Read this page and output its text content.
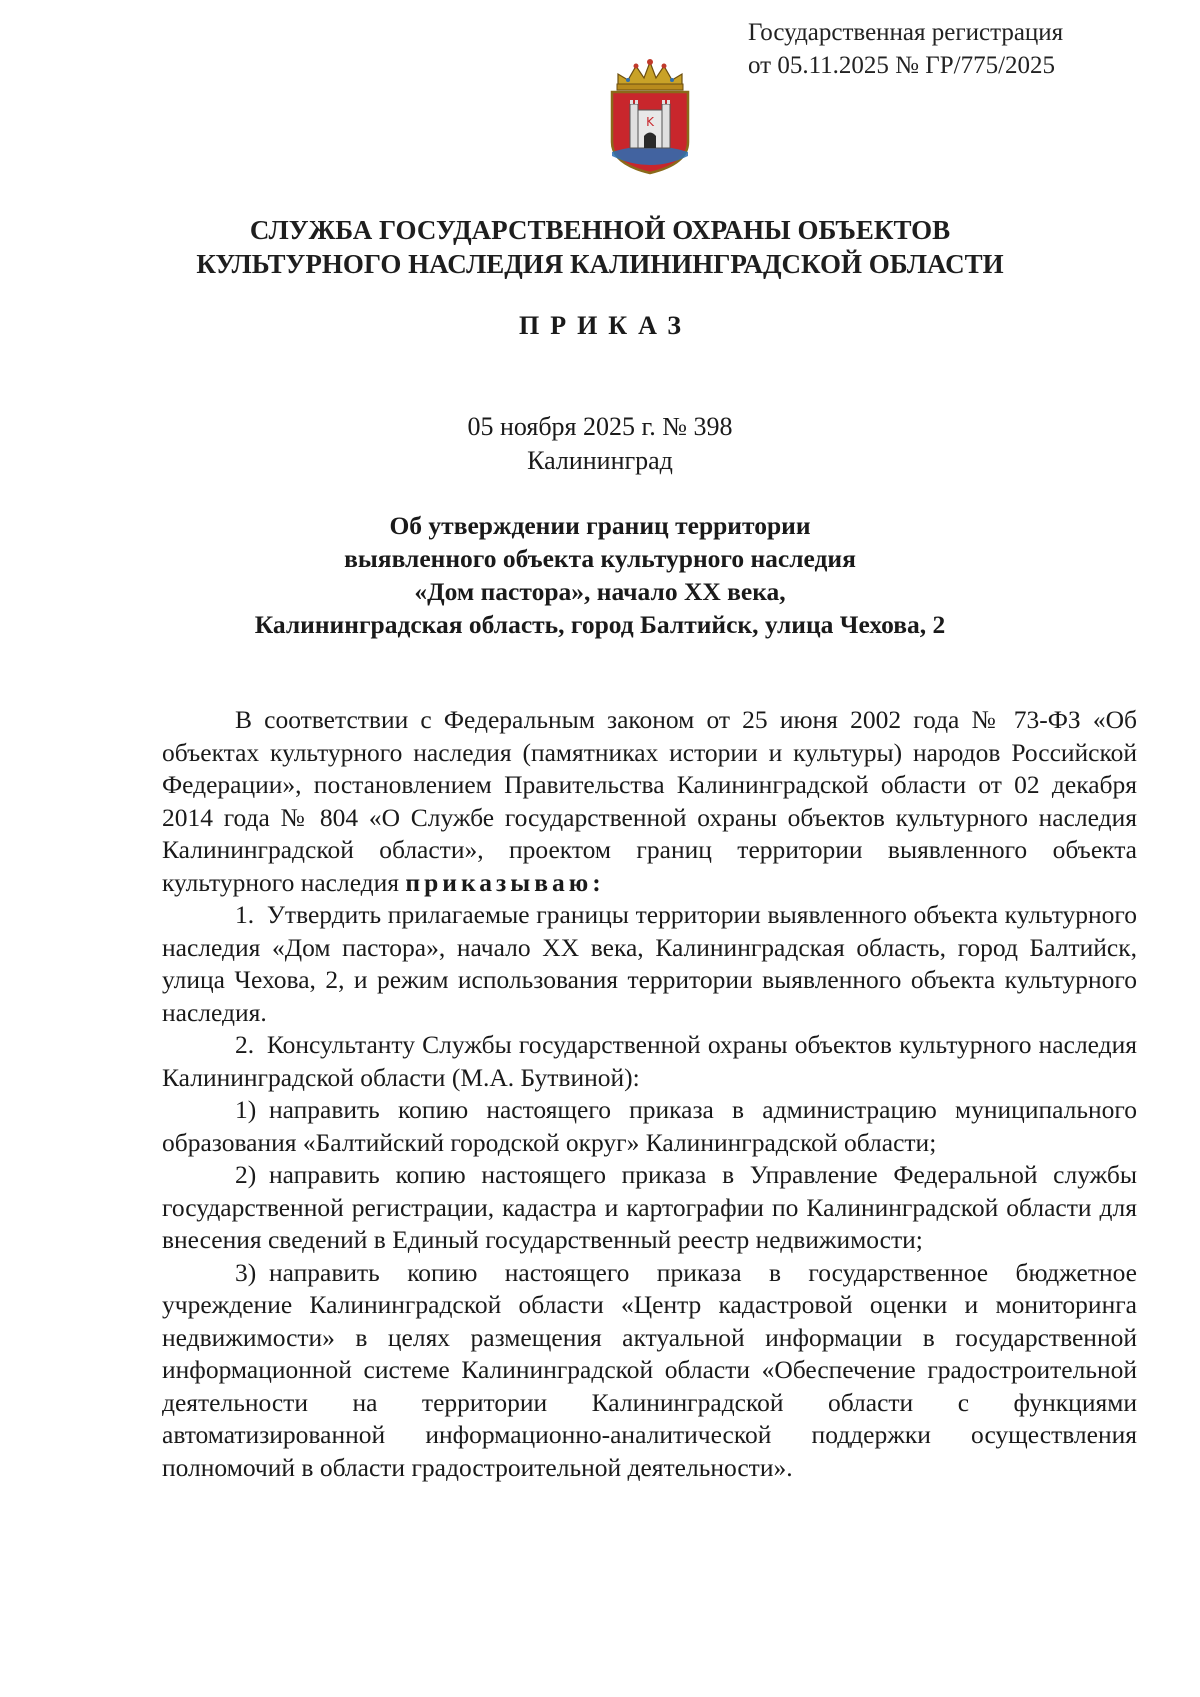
Государственная регистрация
от 05.11.2025 № ГР/775/2025
K
СЛУЖБА ГОСУДАРСТВЕННОЙ ОХРАНЫ ОБЪЕКТОВ
КУЛЬТУРНОГО НАСЛЕДИЯ КАЛИНИНГРАДСКОЙ ОБЛАСТИ
ПРИКАЗ
05 ноября 2025 г. № 398
Калининград
Об утверждении границ территории
выявленного объекта культурного наследия
«Дом пастора», начало XX века,
Калининградская область, город Балтийск, улица Чехова, 2

В соответствии с Федеральным законом от 25 июня 2002 года № 73-ФЗ «Об объектах культурного наследия (памятниках истории и культуры) народов Российской Федерации», постановлением Правительства Калининградской области от 02 декабря 2014 года № 804 «О Службе государственной охраны объектов культурного наследия Калининградской области», проектом границ территории выявленного объекта культурного наследия приказываю:

1. Утвердить прилагаемые границы территории выявленного объекта культурного наследия «Дом пастора», начало XX века, Калининградская область, город Балтийск, улица Чехова, 2, и режим использования территории выявленного объекта культурного наследия.

2. Консультанту Службы государственной охраны объектов культурного наследия Калининградской области (М.А. Бутвиной):

1) направить копию настоящего приказа в администрацию муниципального образования «Балтийский городской округ» Калининградской области;

2) направить копию настоящего приказа в Управление Федеральной службы государственной регистрации, кадастра и картографии по Калининградской области для внесения сведений в Единый государственный реестр недвижимости;

3) направить копию настоящего приказа в государственное бюджетное учреждение Калининградской области «Центр кадастровой оценки и мониторинга недвижимости» в целях размещения актуальной информации в государственной информационной системе Калининградской области «Обеспечение градостроительной деятельности на территории Калининградской области с функциями автоматизированной информационно-аналитической поддержки осуществления полномочий в области градостроительной деятельности».
